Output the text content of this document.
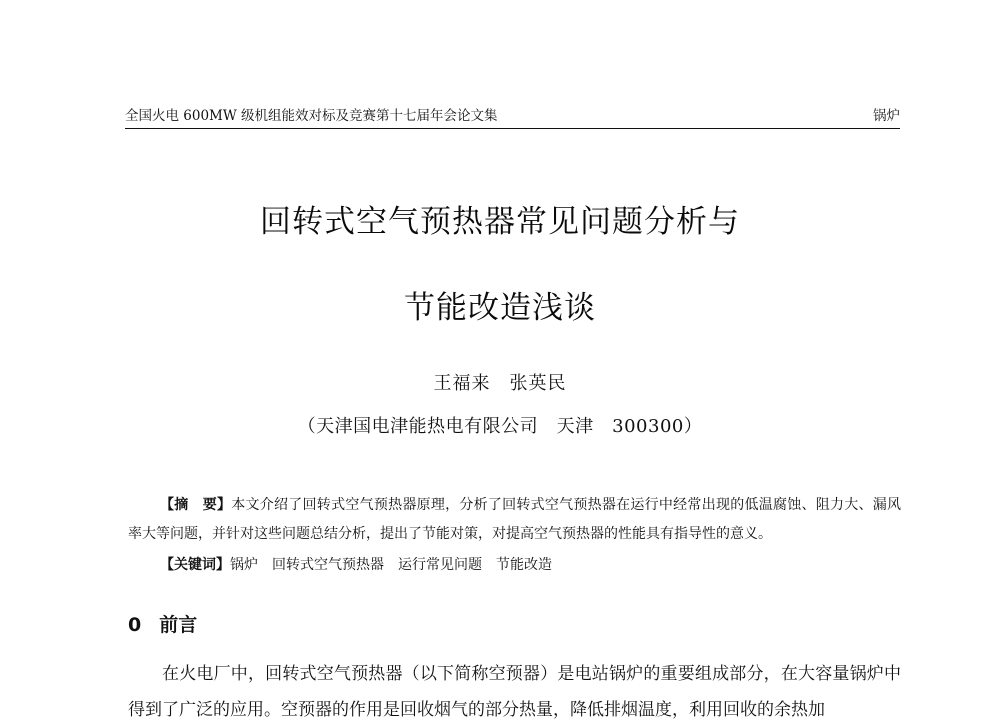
全国火电 600MW 级机组能效对标及竞赛第十七届年会论文集	锅炉
回转式空气预热器常见问题分析与
节能改造浅谈
王福来　张英民
（天津国电津能热电有限公司　天津　300300）
【摘　要】本文介绍了回转式空气预热器原理，分析了回转式空气预热器在运行中经常出现的低温腐蚀、阻力大、漏风率大等问题，并针对这些问题总结分析，提出了节能对策，对提高空气预热器的性能具有指导性的意义。
【关键词】锅炉 回转式空气预热器 运行常见问题 节能改造
0 前言
在火电厂中，回转式空气预热器（以下简称空预器）是电站锅炉的重要组成部分，在大容量锅炉中得到了广泛的应用。空预器的作用是回收烟气的部分热量，降低排烟温度，利用回收的余热加
